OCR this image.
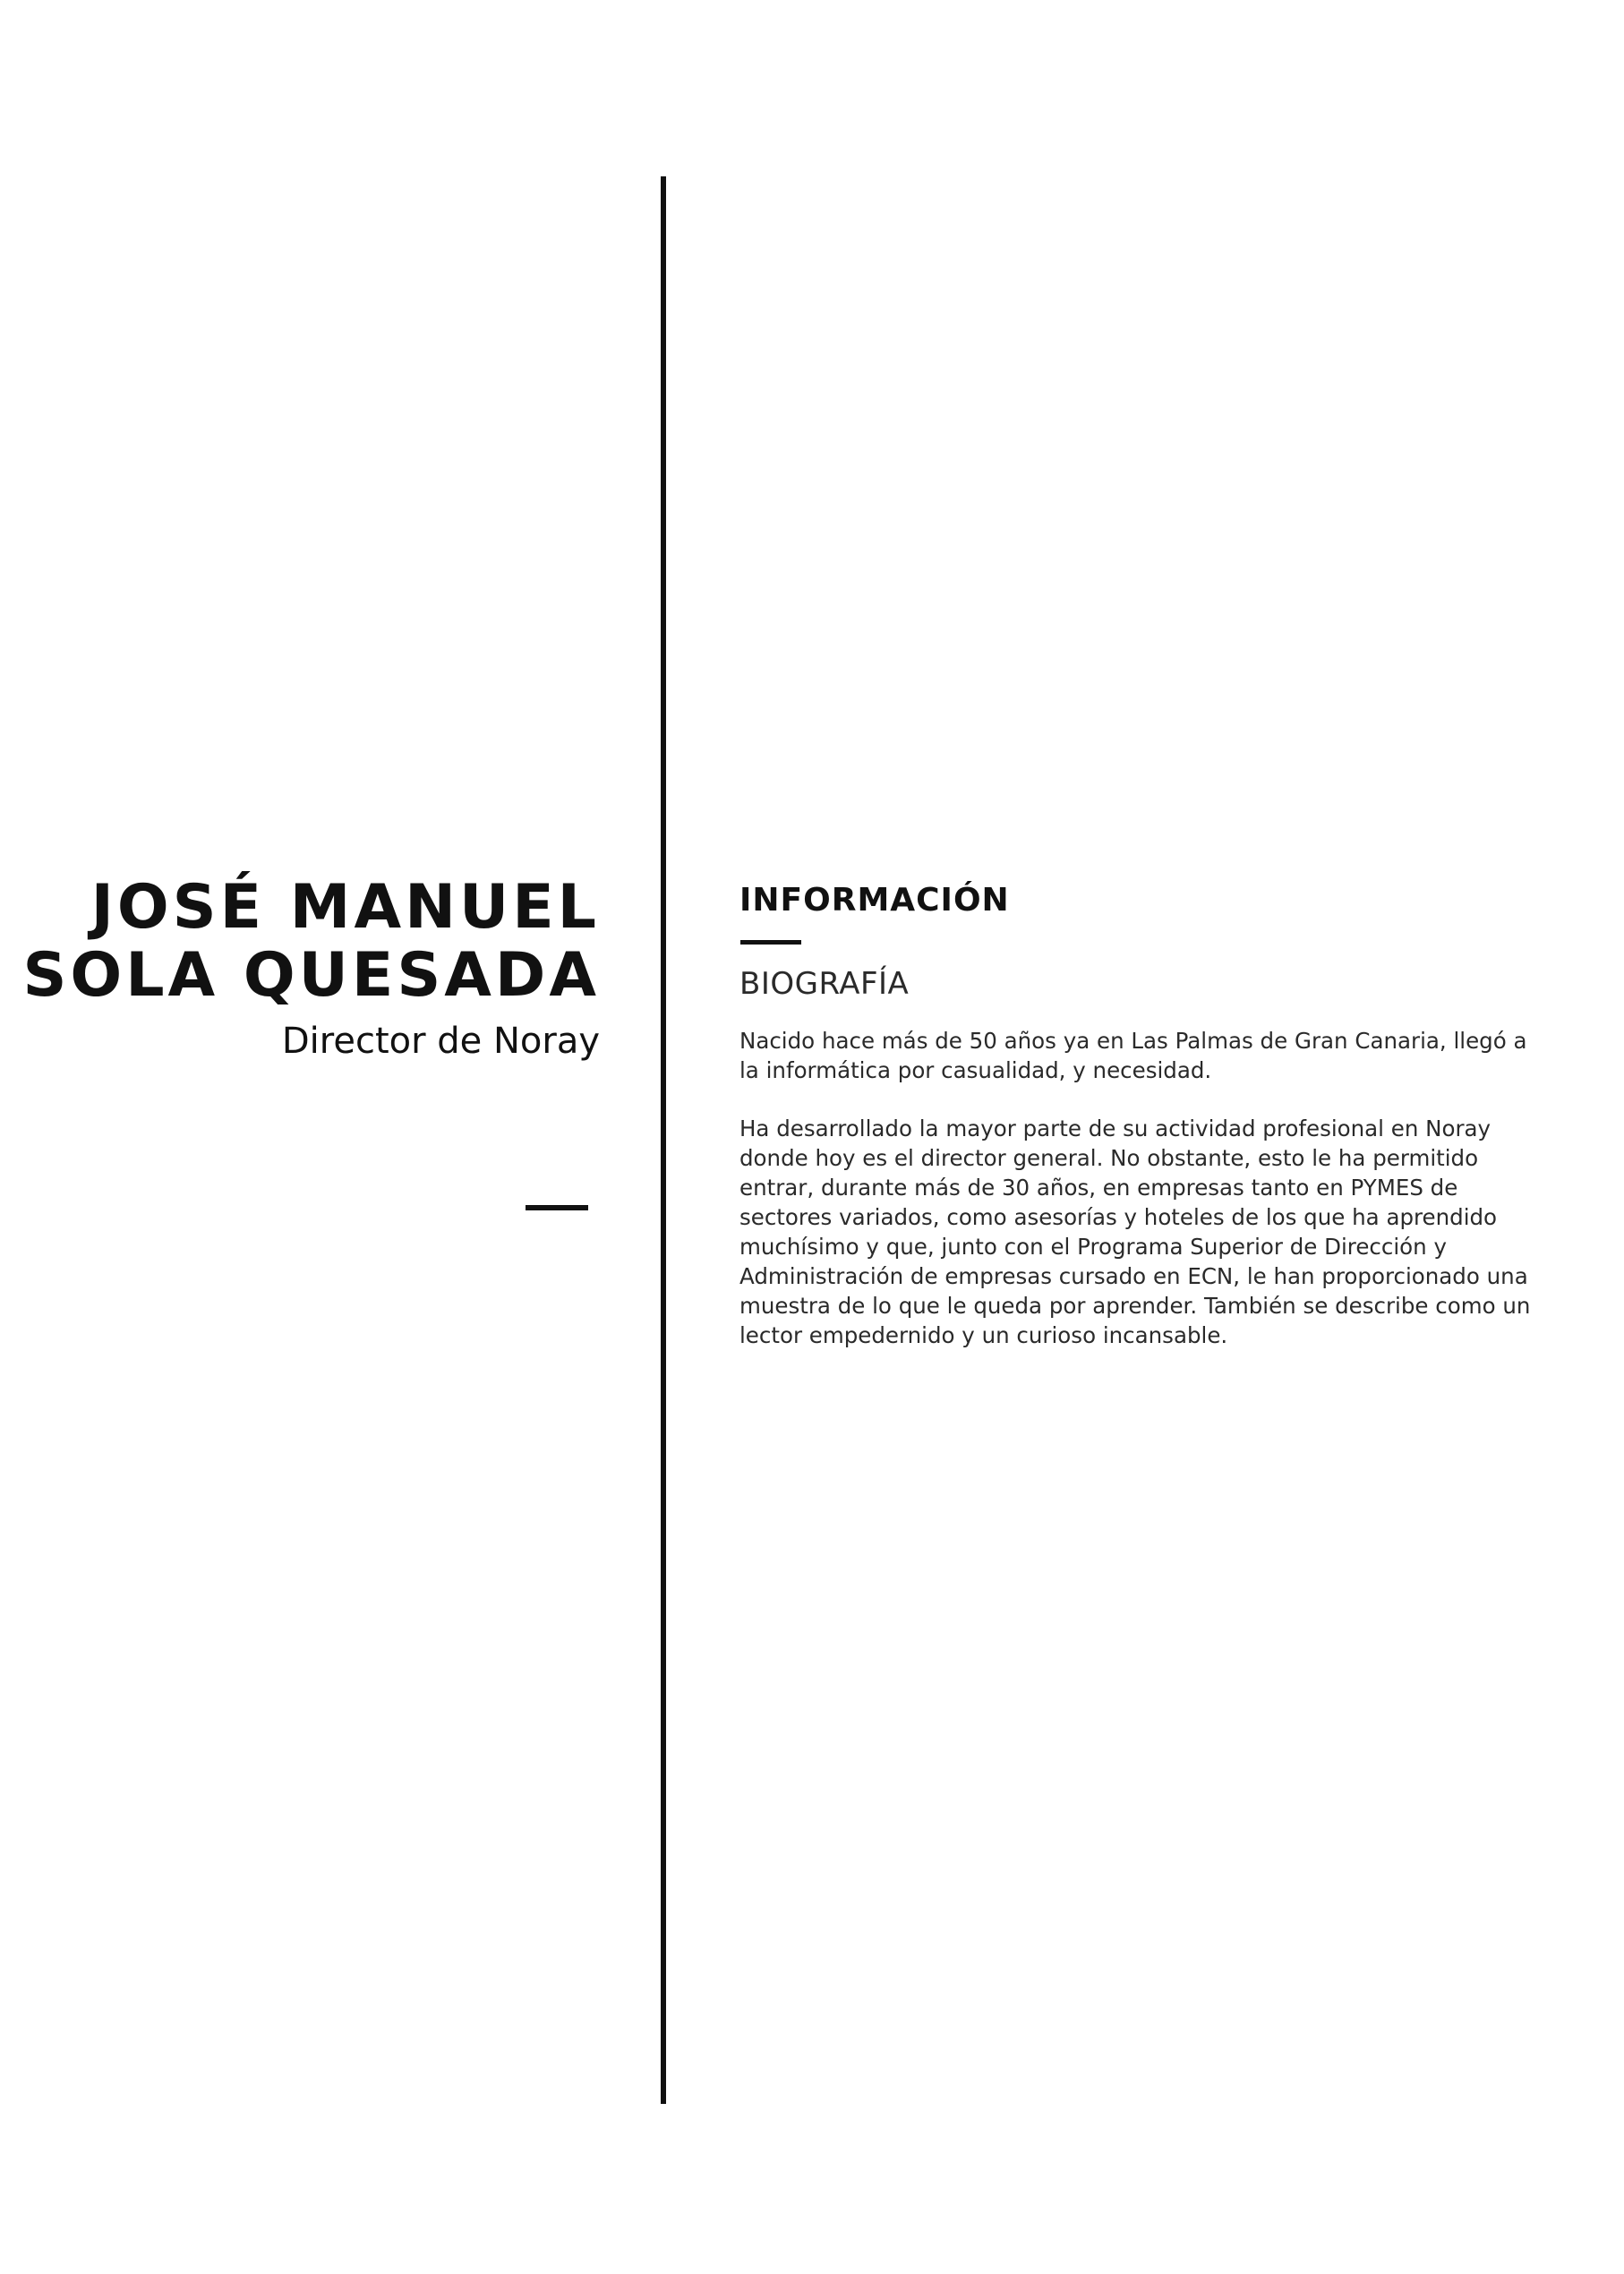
JOSÉ MANUEL
SOLA QUESADA
Director de Noray
INFORMACIÓN
BIOGRAFÍA

Nacido hace más de 50 años ya en Las Palmas de Gran Canaria, llegó a la informática por casualidad, y necesidad.

Ha desarrollado la mayor parte de su actividad profesional en Noray donde hoy es el director general. No obstante, esto le ha permitido entrar, durante más de 30 años, en empresas tanto en PYMES de sectores variados, como asesorías y hoteles de los que ha aprendido muchísimo y que, junto con el Programa Superior de Dirección y Administración de empresas cursado en ECN, le han proporcionado una muestra de lo que le queda por aprender. También se describe como un lector empedernido y un curioso incansable.
